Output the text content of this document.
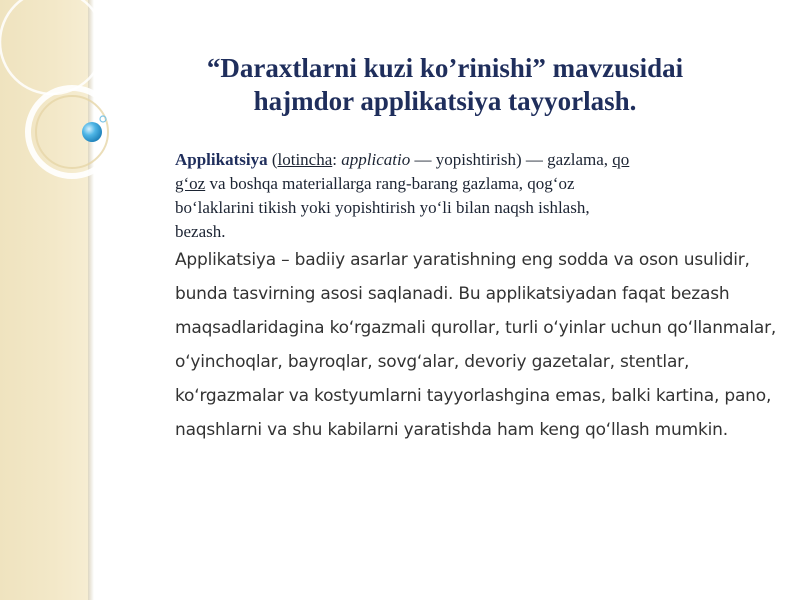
“Daraxtlarni kuzi ko’rinishi” mavzusidai
hajmdor applikatsiya tayyorlash.
Applikatsiya (lotincha: applicatio — yopishtirish) — gazlama, qo
g‘oz va boshqa materiallarga rang-barang gazlama, qog‘oz
bo‘laklarini tikish yoki yopishtirish yo‘li bilan naqsh ishlash,
bezash.
Applikatsiya – badiiy asarlar yaratishning eng sodda va oson usulidir,
bunda tasvirning asosi saqlanadi. Bu applikatsiyadan faqat bezash
maqsadlaridagina ko‘rgazmali qurollar, turli o‘yinlar uchun qo‘llanmalar,
o‘yinchoqlar, bayroqlar, sovg‘alar, devoriy gazetalar, stentlar,
ko‘rgazmalar va kostyumlarni tayyorlashgina emas, balki kartina, pano,
naqshlarni va shu kabilarni yaratishda ham keng qo‘llash mumkin.
